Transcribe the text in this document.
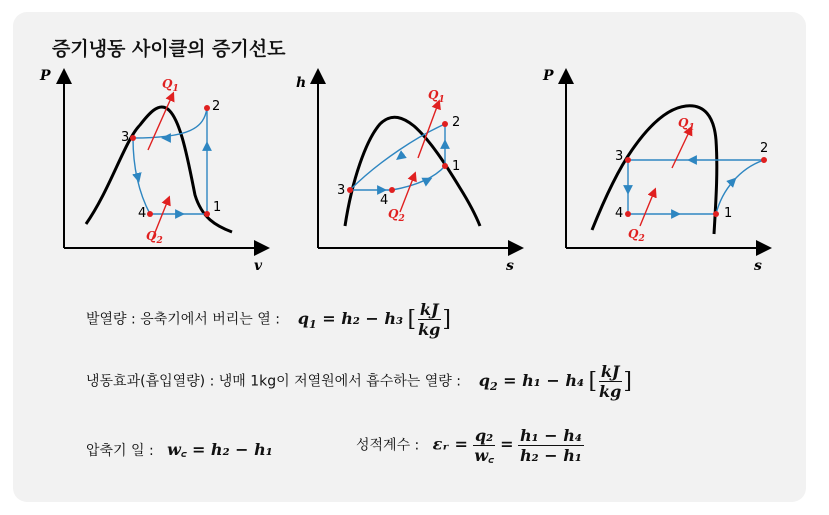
증기냉동 사이클의 증기선도
P
v
$Q_1$
$Q_2$
1
2
3
4
h
s
$Q_1$
$Q_2$
1
2
3
4
P
s
$Q_1$
$Q_2$
1
2
3
4
발열량 : 응축기에서 버리는 열 : $q_1 = h_2 - h_3$ [ $\frac{kJ}{kg}$ ]
냉동효과(흡입열량) : 냉매 1kg이 저열원에서 흡수하는 열량 : $q_2 = h_1 - h_4$ [ $\frac{kJ}{kg}$ ]
압축기 일 : w꜀ = h₂ − h₁	성적계수 : εᵣ = $\frac{\text{q₂}}{w꜀} = \frac{\text{h₁ − h₄}}{\text{h₂ − h₁}}$
